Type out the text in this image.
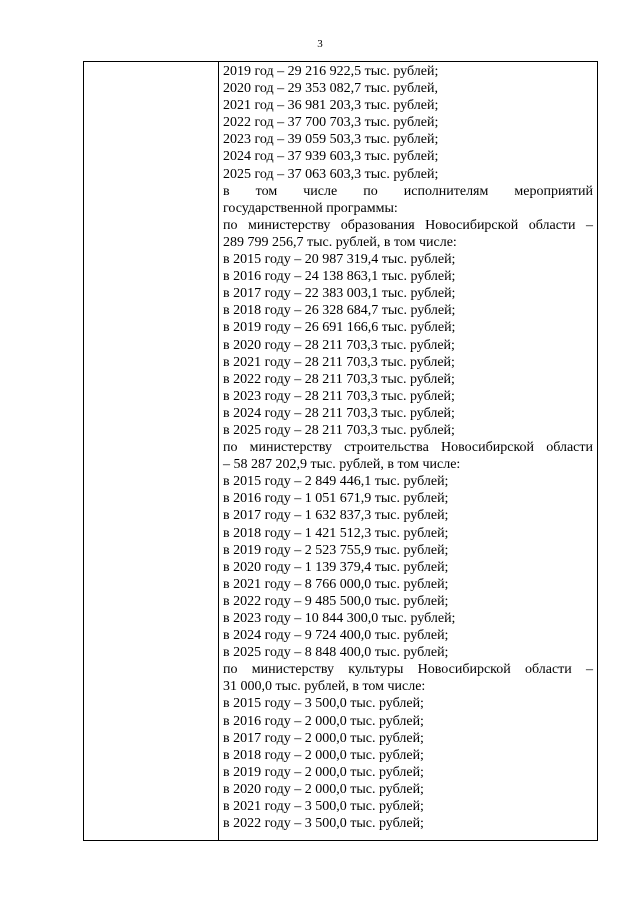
3
2019 год – 29 216 922,5 тыс. рублей;
2020 год – 29 353 082,7 тыс. рублей,
2021 год – 36 981 203,3 тыс. рублей;
2022 год – 37 700 703,3 тыс. рублей;
2023 год – 39 059 503,3 тыс. рублей;
2024 год – 37 939 603,3 тыс. рублей;
2025 год – 37 063 603,3 тыс. рублей;
в том числе по исполнителям мероприятий
государственной программы:
по министерству образования Новосибирской области –
289 799 256,7 тыс. рублей, в том числе:
в 2015 году – 20 987 319,4 тыс. рублей;
в 2016 году – 24 138 863,1 тыс. рублей;
в 2017 году – 22 383 003,1 тыс. рублей;
в 2018 году – 26 328 684,7 тыс. рублей;
в 2019 году – 26 691 166,6 тыс. рублей;
в 2020 году – 28 211 703,3 тыс. рублей;
в 2021 году – 28 211 703,3 тыс. рублей;
в 2022 году – 28 211 703,3 тыс. рублей;
в 2023 году – 28 211 703,3 тыс. рублей;
в 2024 году – 28 211 703,3 тыс. рублей;
в 2025 году – 28 211 703,3 тыс. рублей;
по министерству строительства Новосибирской области
– 58 287 202,9 тыс. рублей, в том числе:
в 2015 году – 2 849 446,1 тыс. рублей;
в 2016 году – 1 051 671,9 тыс. рублей;
в 2017 году – 1 632 837,3 тыс. рублей;
в 2018 году – 1 421 512,3 тыс. рублей;
в 2019 году – 2 523 755,9 тыс. рублей;
в 2020 году – 1 139 379,4 тыс. рублей;
в 2021 году – 8 766 000,0 тыс. рублей;
в 2022 году – 9 485 500,0 тыс. рублей;
в 2023 году – 10 844 300,0 тыс. рублей;
в 2024 году – 9 724 400,0 тыс. рублей;
в 2025 году – 8 848 400,0 тыс. рублей;
по министерству культуры Новосибирской области –
31 000,0 тыс. рублей, в том числе:
в 2015 году – 3 500,0 тыс. рублей;
в 2016 году – 2 000,0 тыс. рублей;
в 2017 году – 2 000,0 тыс. рублей;
в 2018 году – 2 000,0 тыс. рублей;
в 2019 году – 2 000,0 тыс. рублей;
в 2020 году – 2 000,0 тыс. рублей;
в 2021 году – 3 500,0 тыс. рублей;
в 2022 году – 3 500,0 тыс. рублей;
